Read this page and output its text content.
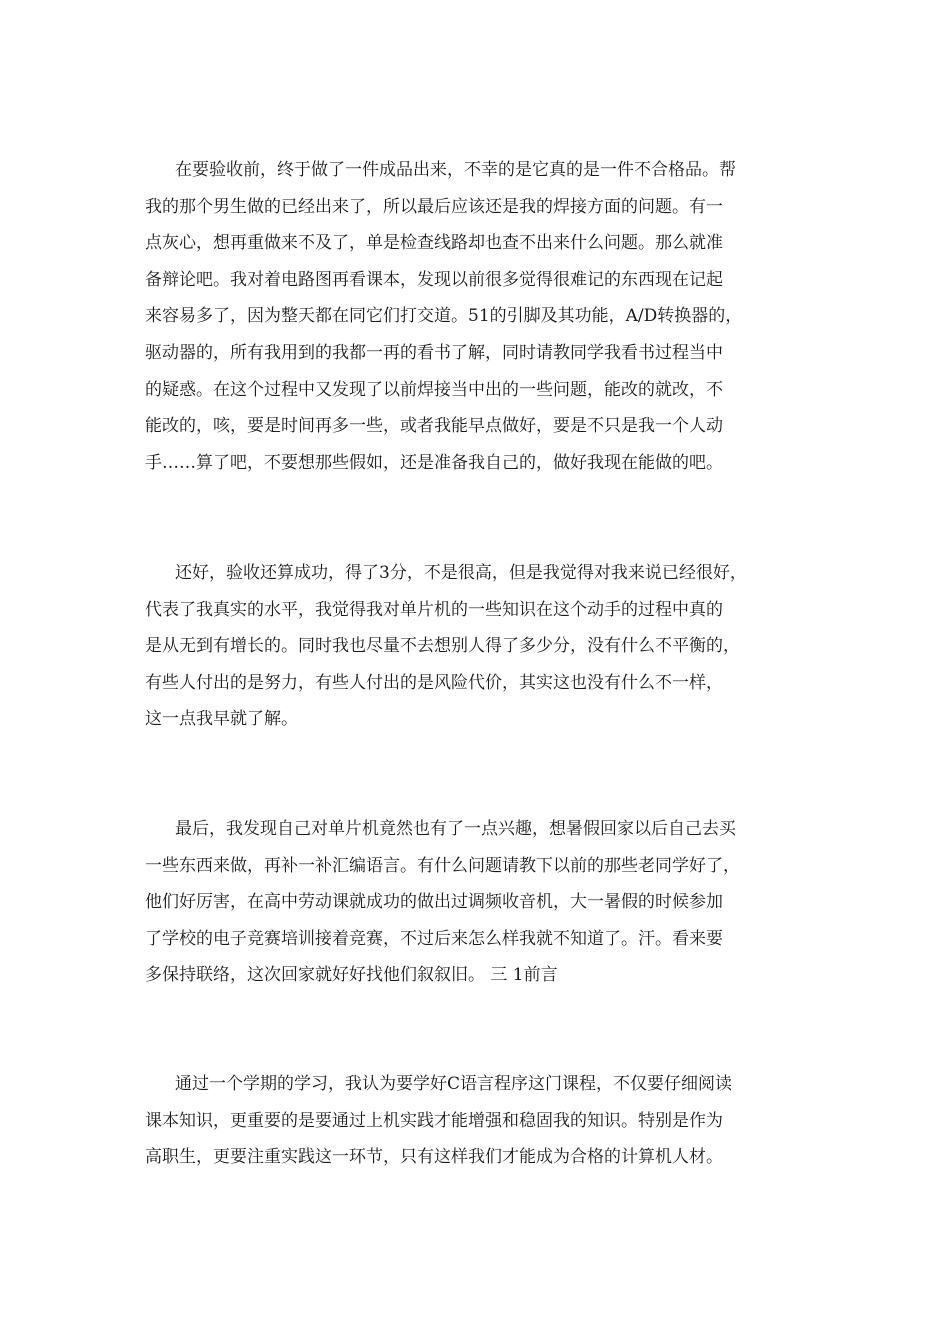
在要验收前，终于做了一件成品出来，不幸的是它真的是一件不合格品。帮
我的那个男生做的已经出来了，所以最后应该还是我的焊接方面的问题。有一
点灰心，想再重做来不及了，单是检查线路却也查不出来什么问题。那么就准
备辩论吧。我对着电路图再看课本，发现以前很多觉得很难记的东西现在记起
来容易多了，因为整天都在同它们打交道。51的引脚及其功能，A/D转换器的，
驱动器的，所有我用到的我都一再的看书了解，同时请教同学我看书过程当中
的疑惑。在这个过程中又发现了以前焊接当中出的一些问题，能改的就改，不
能改的，咳，要是时间再多一些，或者我能早点做好，要是不只是我一个人动
手……算了吧，不要想那些假如，还是准备我自己的，做好我现在能做的吧。
还好，验收还算成功，得了3分，不是很高，但是我觉得对我来说已经很好，
代表了我真实的水平，我觉得我对单片机的一些知识在这个动手的过程中真的
是从无到有增长的。同时我也尽量不去想别人得了多少分，没有什么不平衡的，
有些人付出的是努力，有些人付出的是风险代价，其实这也没有什么不一样，
这一点我早就了解。
最后，我发现自己对单片机竟然也有了一点兴趣，想暑假回家以后自己去买
一些东西来做，再补一补汇编语言。有什么问题请教下以前的那些老同学好了，
他们好厉害，在高中劳动课就成功的做出过调频收音机，大一暑假的时候参加
了学校的电子竞赛培训接着竞赛，不过后来怎么样我就不知道了。汗。看来要
多保持联络，这次回家就好好找他们叙叙旧。 三 1前言
通过一个学期的学习，我认为要学好C语言程序这门课程，不仅要仔细阅读
课本知识，更重要的是要通过上机实践才能增强和稳固我的知识。特别是作为
高职生，更要注重实践这一环节，只有这样我们才能成为合格的计算机人材。
